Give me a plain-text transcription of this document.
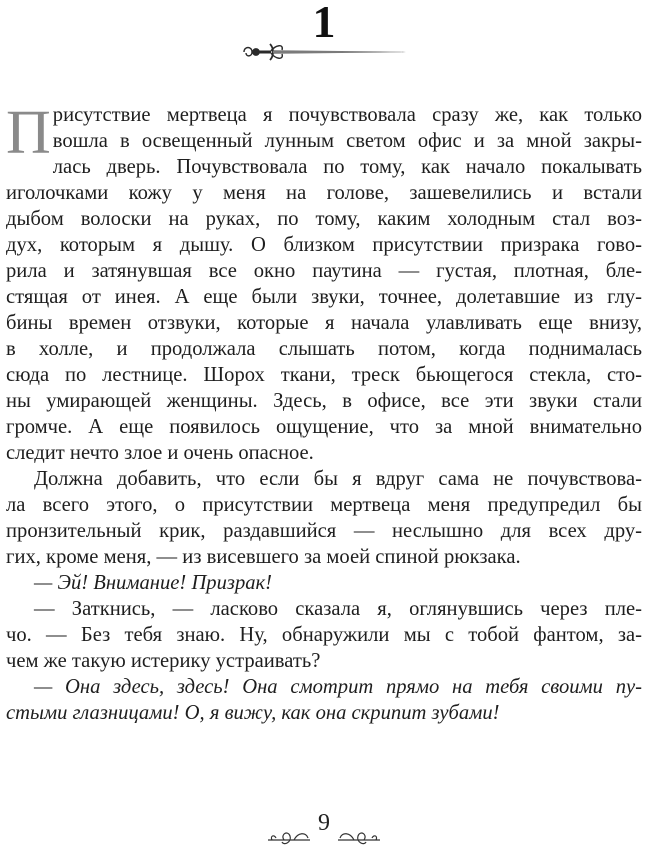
1
П рисутствие мертвеца я почувствовала сразу же, как только
вошла в освещенный лунным светом офис и за мной закры-
лась дверь. Почувствовала по тому, как начало покалывать
иголочками кожу у меня на голове, зашевелились и встали
дыбом волоски на руках, по тому, каким холодным стал воз-
дух, которым я дышу. О близком присутствии призрака гово-
рила и затянувшая все окно паутина — густая, плотная, бле-
стящая от инея. А еще были звуки, точнее, долетавшие из глу-
бины времен отзвуки, которые я начала улавливать еще внизу,
в холле, и продолжала слышать потом, когда поднималась
сюда по лестнице. Шорох ткани, треск бьющегося стекла, сто-
ны умирающей женщины. Здесь, в офисе, все эти звуки стали
громче. А еще появилось ощущение, что за мной внимательно
следит нечто злое и очень опасное.

Должна добавить, что если бы я вдруг сама не почувствова-
ла всего этого, о присутствии мертвеца меня предупредил бы
пронзительный крик, раздавшийся — неслышно для всех дру-
гих, кроме меня, — из висевшего за моей спиной рюкзака.

— Эй! Внимание! Призрак!

— Заткнись, — ласково сказала я, оглянувшись через пле-
чо. — Без тебя знаю. Ну, обнаружили мы с тобой фантом, за-
чем же такую истерику устраивать?

— Она здесь, здесь! Она смотрит прямо на тебя своими пу-
стыми глазницами! О, я вижу, как она скрипит зубами!

9
